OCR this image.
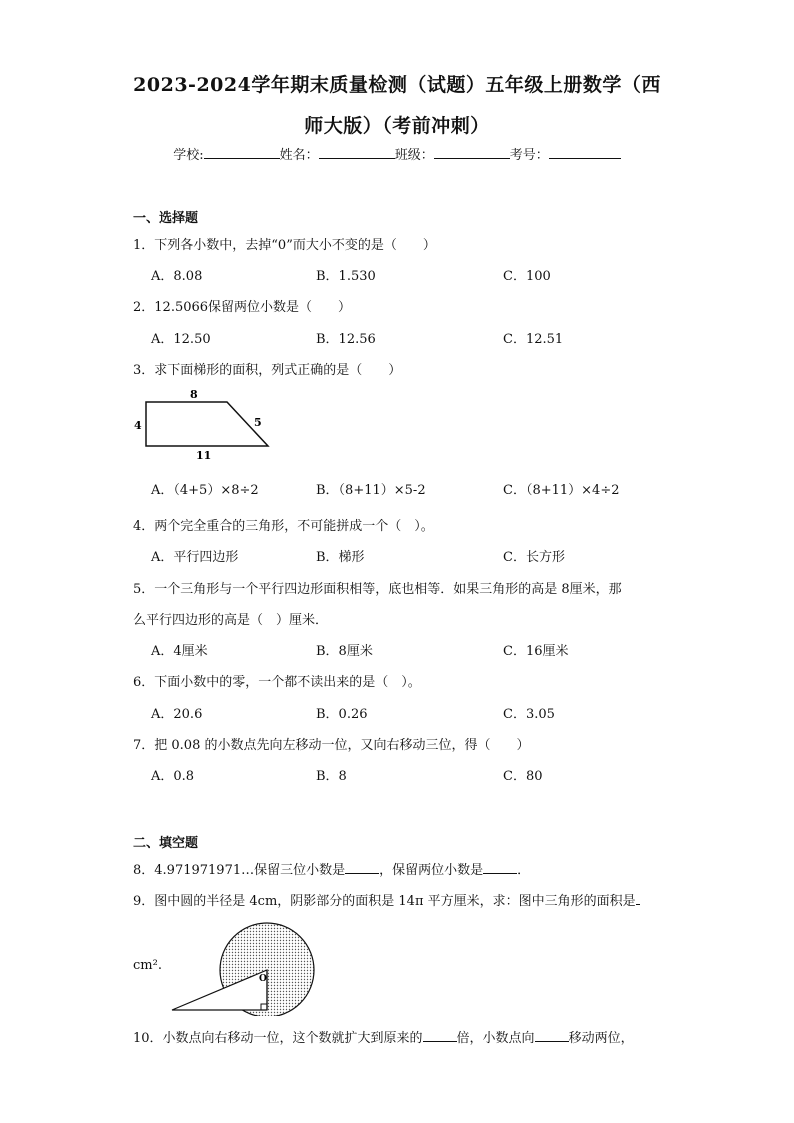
2023-2024学年期末质量检测（试题）五年级上册数学（西
师大版）（考前冲刺）
学校:	姓名：	班级：	考号：
一、选择题
1．下列各小数中，去掉“0”而大小不变的是（　　）
A．8.08	B．1.530	C．100
2．12.5066保留两位小数是（　　）
A．12.50	B．12.56	C．12.51
3．求下面梯形的面积，列式正确的是（　　）
8
4	5
11
A．（4+5）×8÷2	B．（8+11）×5-2	C．（8+11）×4÷2
4．两个完全重合的三角形，不可能拼成一个（　）。
A．平行四边形	B．梯形	C．长方形
5．一个三角形与一个平行四边形面积相等，底也相等．如果三角形的高是 8厘米，那
么平行四边形的高是（　）厘米．
A．4厘米	B．8厘米	C．16厘米
6．下面小数中的零，一个都不读出来的是（　）。
A．20.6	B．0.26	C．3.05
7．把 0.08 的小数点先向左移动一位，又向右移动三位，得（　　）
A．0.8	B．8	C．80
二、填空题
8．4.971971971…保留三位小数是	，保留两位小数是	．
9．图中圆的半径是 4cm，阴影部分的面积是 14π 平方厘米，求：图中三角形的面积是
cm².
O
10．小数点向右移动一位，这个数就扩大到原来的	倍，小数点向	移动两位，
